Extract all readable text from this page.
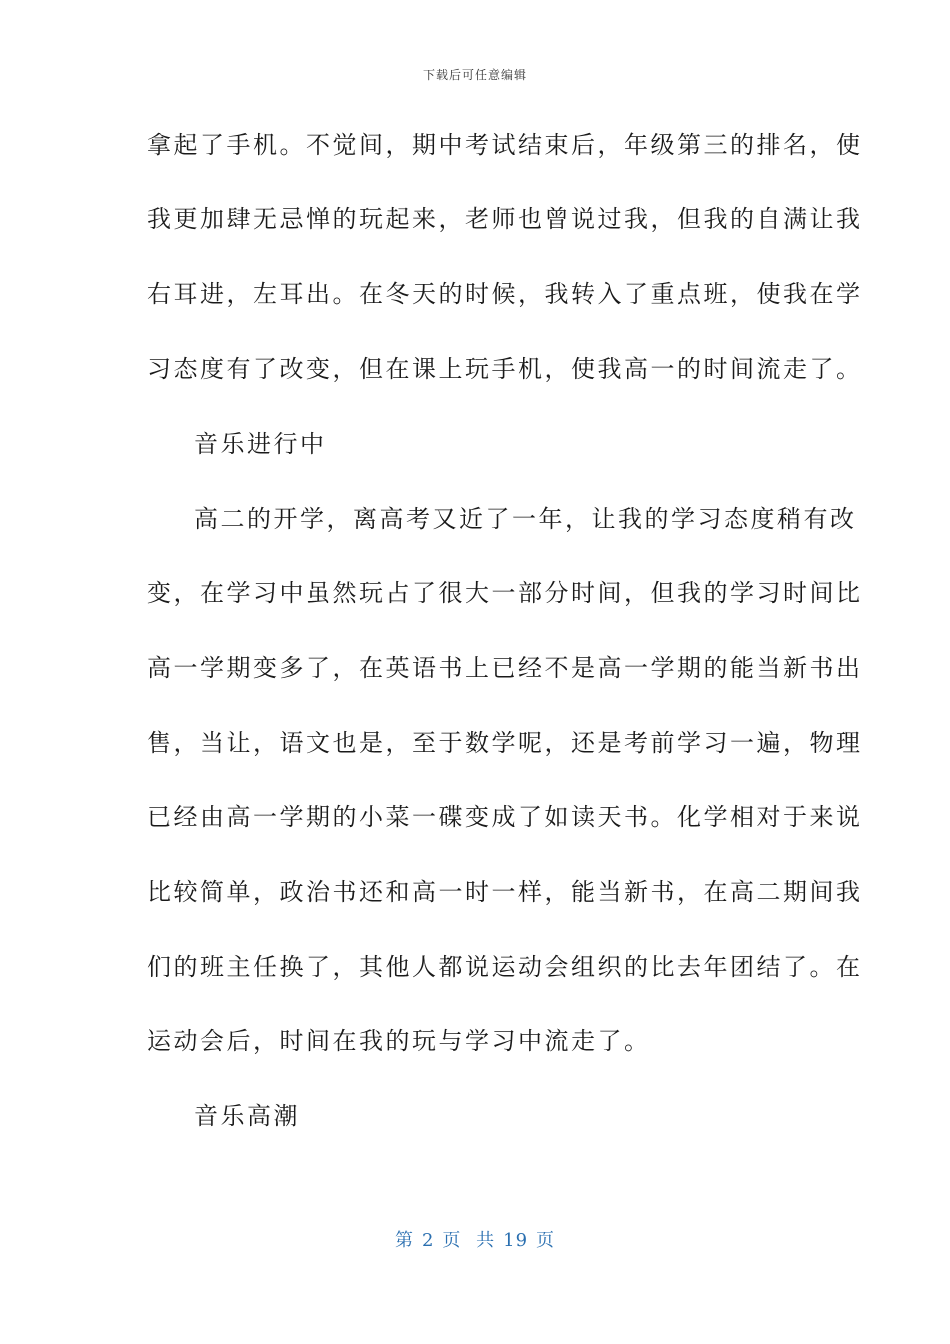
下载后可任意编辑
拿起了手机。不觉间，期中考试结束后，年级第三的排名，使
我更加肆无忌惮的玩起来，老师也曾说过我，但我的自满让我
右耳进，左耳出。在冬天的时候，我转入了重点班，使我在学
习态度有了改变，但在课上玩手机，使我高一的时间流走了。
音乐进行中
高二的开学，离高考又近了一年，让我的学习态度稍有改
变，在学习中虽然玩占了很大一部分时间，但我的学习时间比
高一学期变多了，在英语书上已经不是高一学期的能当新书出
售，当让，语文也是，至于数学呢，还是考前学习一遍，物理
已经由高一学期的小菜一碟变成了如读天书。化学相对于来说
比较简单，政治书还和高一时一样，能当新书，在高二期间我
们的班主任换了，其他人都说运动会组织的比去年团结了。在
运动会后，时间在我的玩与学习中流走了。
音乐高潮
第 2 页 共 19 页
